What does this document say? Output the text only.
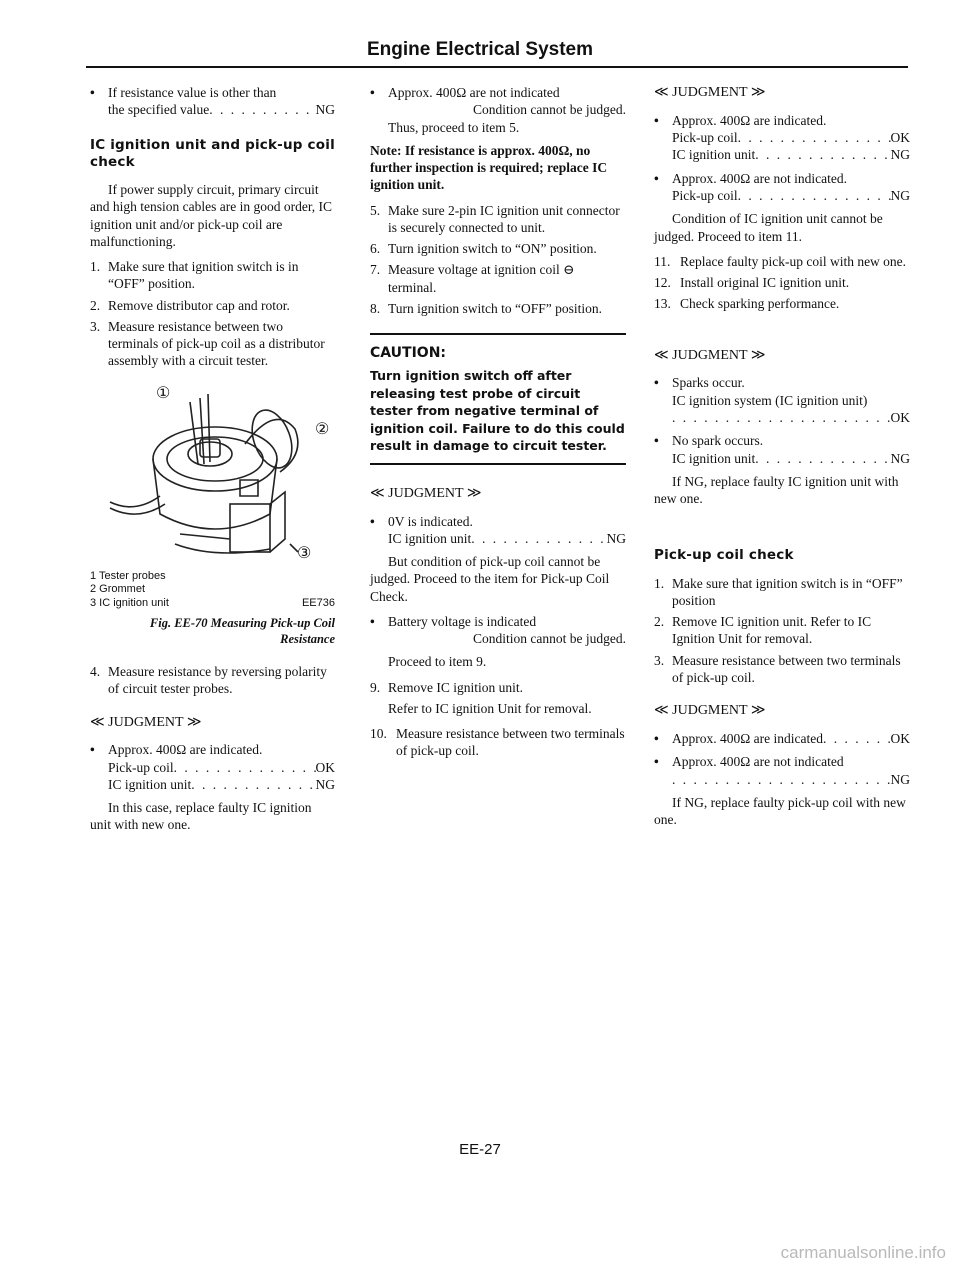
Engine Electrical System
• If resistance value is other than
the specified value . . .	NG
IC ignition unit and pick-up coil check

If power supply circuit, primary circuit and high tension cables are in good order, IC ignition unit and/or pick-up coil are malfunctioning.

1. Make sure that ignition switch is in “OFF” position.
2. Remove distributor cap and rotor.
3. Measure resistance between two terminals of pick-up coil as a distributor assembly with a circuit tester.
①
②
③
1 Tester probes
2 Grommet
3 IC ignition unit	EE736
Fig. EE-70 Measuring Pick-up Coil
Resistance
4. Measure resistance by reversing polarity of circuit tester probes.
≪ JUDGMENT ≫
• Approx. 400Ω are indicated.
Pick-up coil . . .	OK
IC ignition unit . . .	NG

In this case, replace faulty IC ignition unit with new one.

• Approx. 400Ω are not indicated
Condition cannot be judged.
Thus, proceed to item 5.

Note: If resistance is approx. 400Ω, no further inspection is required; replace IC ignition unit.

5. Make sure 2-pin IC ignition unit connector is securely connected to unit.
6. Turn ignition switch to “ON” position.
7. Measure voltage at ignition coil ⊖ terminal.
8. Turn ignition switch to “OFF” position.
CAUTION:
Turn ignition switch off after releasing test probe of circuit tester from negative terminal of ignition coil. Failure to do this could result in damage to circuit tester.
≪ JUDGMENT ≫
• 0V is indicated.
IC ignition unit . . .	NG

But condition of pick-up coil cannot be judged. Proceed to the item for Pick-up Coil Check.

• Battery voltage is indicated
Condition cannot be judged.

Proceed to item 9.

9. Remove IC ignition unit.

Refer to IC ignition Unit for removal.

10. Measure resistance between two terminals of pick-up coil.
≪ JUDGMENT ≫
• Approx. 400Ω are indicated.
Pick-up coil . . .	OK
IC ignition unit . . .	NG
• Approx. 400Ω are not indicated.
Pick-up coil . . .	NG

Condition of IC ignition unit cannot be judged. Proceed to item 11.

11. Replace faulty pick-up coil with new one.
12. Install original IC ignition unit.
13. Check sparking performance.
≪ JUDGMENT ≫
• Sparks occur.
IC ignition system (IC ignition unit)
. . .
OK
• No spark occurs.
IC ignition unit . . .	NG

If NG, replace faulty IC ignition unit with new one.

Pick-up coil check
1. Make sure that ignition switch is in “OFF” position
2. Remove IC ignition unit. Refer to IC Ignition Unit for removal.
3. Measure resistance between two terminals of pick-up coil.
≪ JUDGMENT ≫
• Approx. 400Ω are indicated . . .	OK
• Approx. 400Ω are not indicated
. . .
NG

If NG, replace faulty pick-up coil with new one.

EE-27
carmanualsonline.info
